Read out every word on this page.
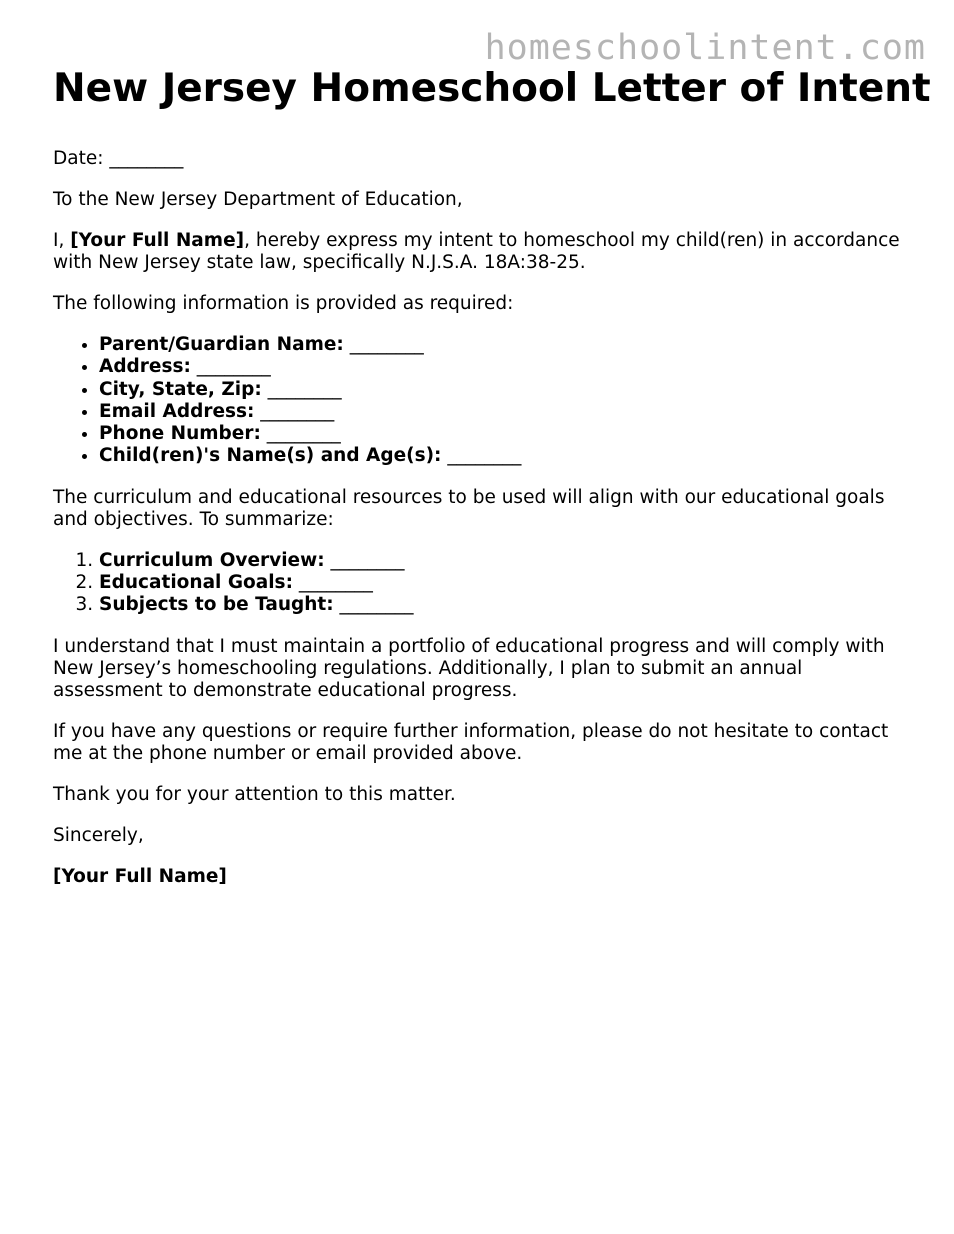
homeschoolintent.com
New Jersey Homeschool Letter of Intent

Date: ________

To the New Jersey Department of Education,

I, [Your Full Name], hereby express my intent to homeschool my child(ren) in accordance with New Jersey state law, specifically N.J.S.A. 18A:38-25.

The following information is provided as required:

• Parent/Guardian Name: ________
• Address: ________
• City, State, Zip: ________
• Email Address: ________
• Phone Number: ________
• Child(ren)'s Name(s) and Age(s): ________

The curriculum and educational resources to be used will align with our educational goals and objectives. To summarize:

1. Curriculum Overview: ________
2. Educational Goals: ________
3. Subjects to be Taught: ________

I understand that I must maintain a portfolio of educational progress and will comply with New Jersey’s homeschooling regulations. Additionally, I plan to submit an annual assessment to demonstrate educational progress.

If you have any questions or require further information, please do not hesitate to contact me at the phone number or email provided above.

Thank you for your attention to this matter.

Sincerely,

[Your Full Name]
